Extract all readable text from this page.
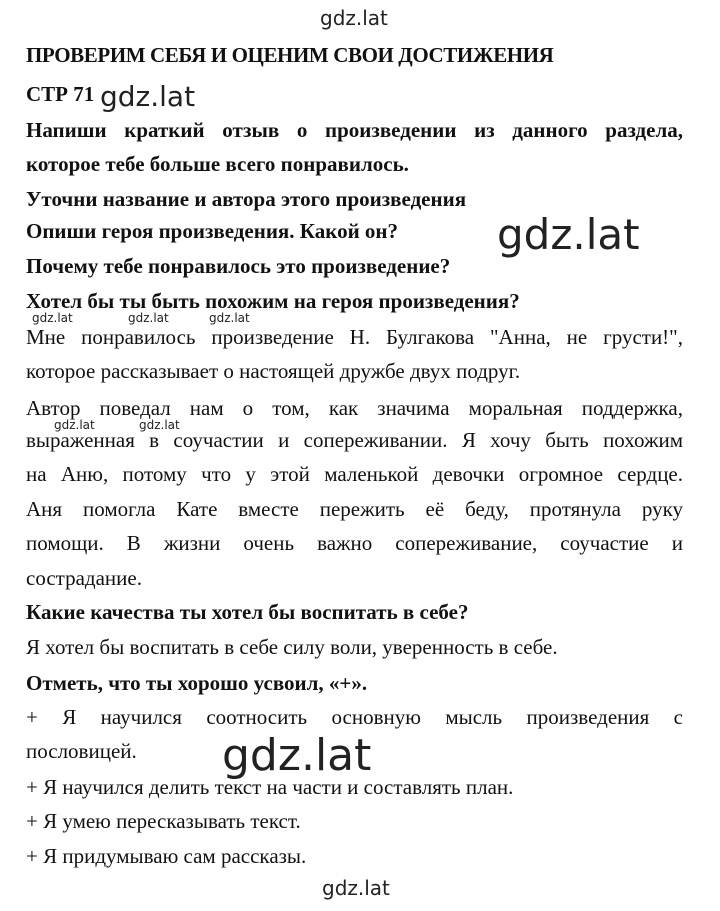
gdz.lat
gdz.lat
gdz.lat
gdz.lat	gdz.lat	gdz.lat
gdz.lat	gdz.lat
gdz.lat
gdz.lat
ПРОВЕРИМ СЕБЯ И ОЦЕНИМ СВОИ ДОСТИЖЕНИЯ
СТР 71
Напиши краткий отзыв о произведении из данного раздела,
которое тебе больше всего понравилось.
Уточни название и автора этого произведения
Опиши героя произведения. Какой он?
Почему тебе понравилось это произведение?
Хотел бы ты быть похожим на героя произведения?
Мне понравилось произведение Н. Булгакова "Анна, не грусти!",
которое рассказывает о настоящей дружбе двух подруг.
Автор поведал нам о том, как значима моральная поддержка,
выраженная в соучастии и сопереживании. Я хочу быть похожим
на Аню, потому что у этой маленькой девочки огромное сердце.
Аня помогла Кате вместе пережить её беду, протянула руку
помощи. В жизни очень важно сопереживание, соучастие и
сострадание.
Какие качества ты хотел бы воспитать в себе?
Я хотел бы воспитать в себе силу воли, уверенность в себе.
Отметь, что ты хорошо усвоил, «+».
+ Я научился соотносить основную мысль произведения с
пословицей.
+ Я научился делить текст на части и составлять план.
+ Я умею пересказывать текст.
+ Я придумываю сам рассказы.
